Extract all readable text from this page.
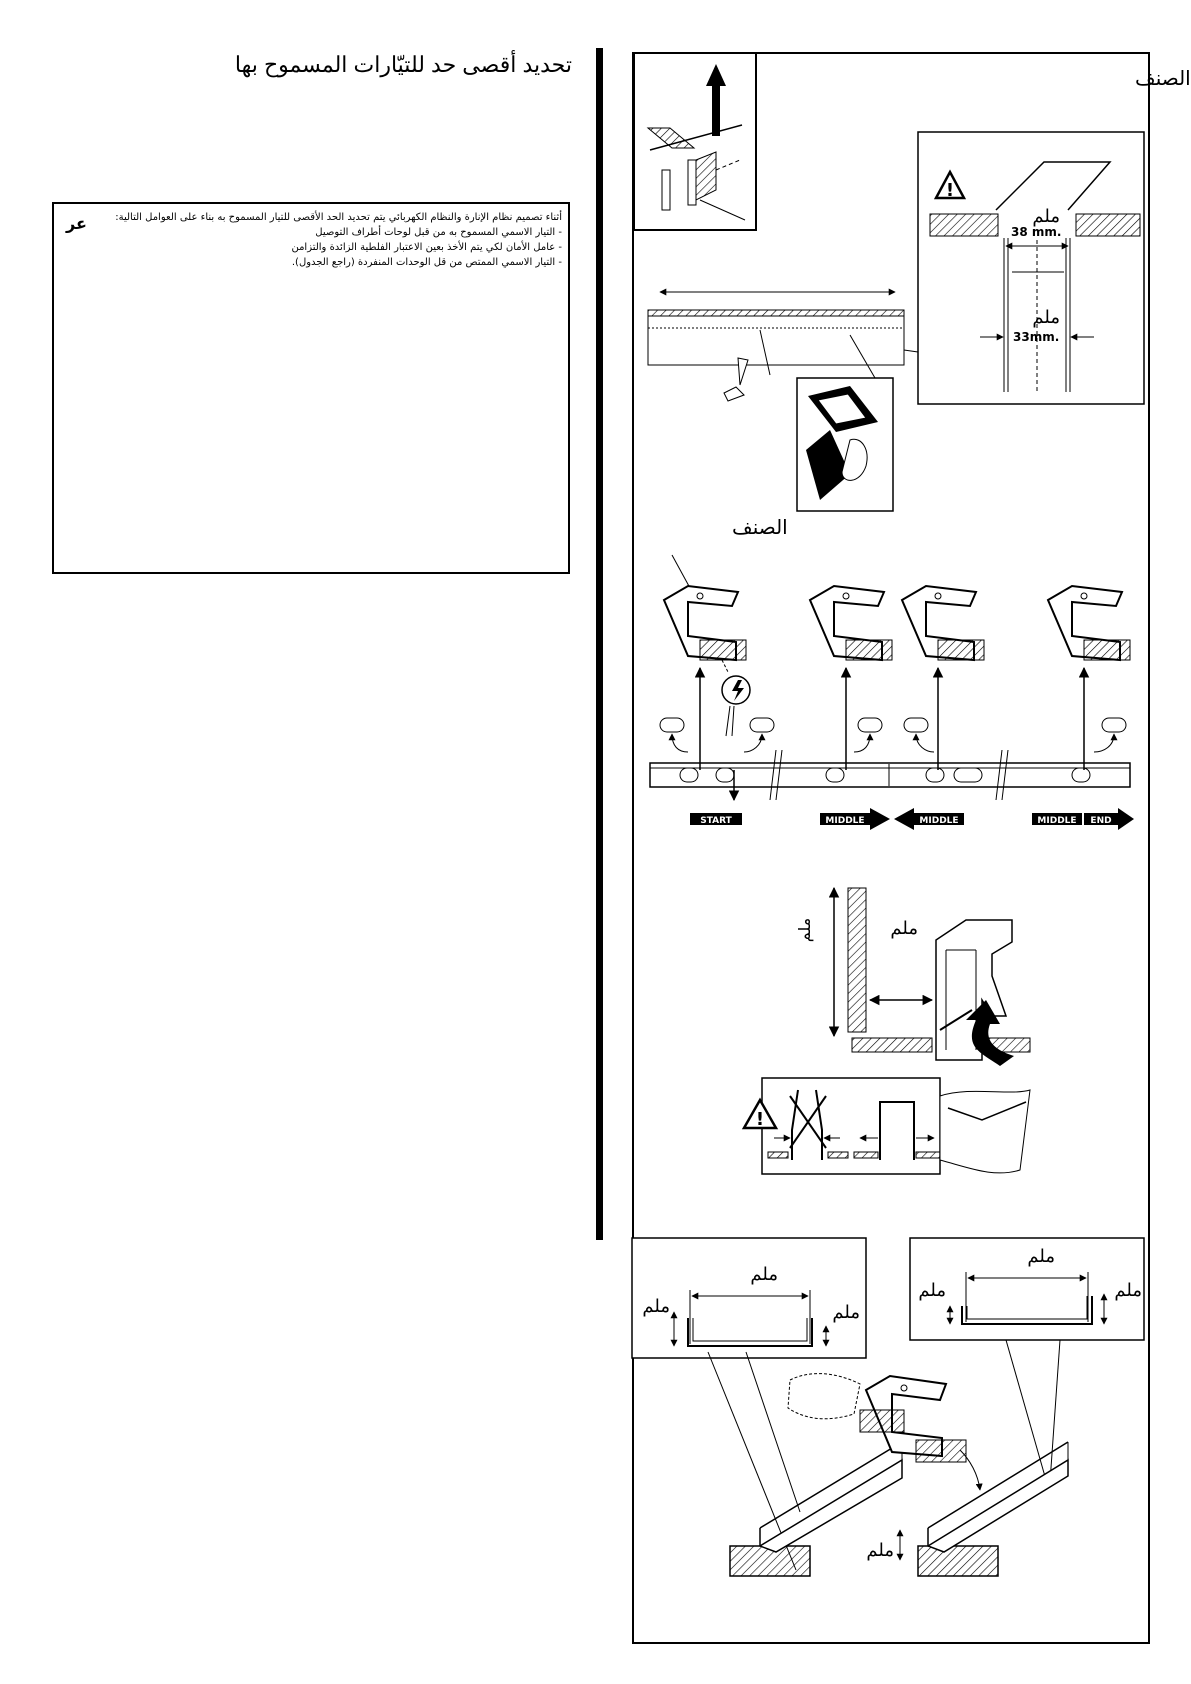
تحديد أقصى حد للتيّارات المسموح بها
عر	أثناء تصميم نظام الإنارة والنظام الكهربائي يتم تحديد الحد الأقصى للتيار المسموح به بناء على العوامل التالية:
- التيار الاسمي المسموح به من قبل لوحات أطراف التوصيل
- عامل الأمان لكي يتم الأخذ بعين الاعتبار الفلطية الزائدة والتزامن
- التيار الاسمي الممتص من قل الوحدات المنفردة (راجع الجدول).
الصنف
!
ملم
38 mm.
ملم
33mm.
الصنف
START	MIDDLE	MIDDLE	MIDDLE END
ملم	ملم
!
ملم
ملم	ملم
ملم
ملم	ملم
ملم
